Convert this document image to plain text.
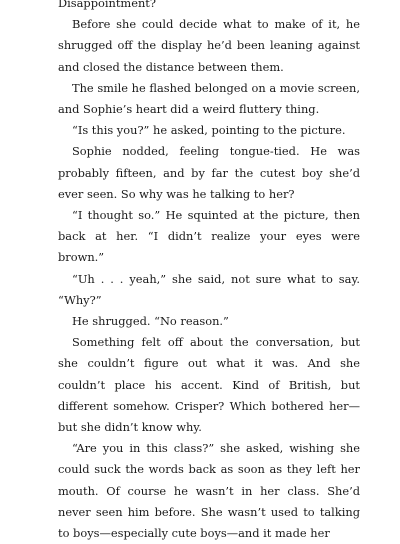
Disappointment?

Before she could decide what to make of it, he shrugged off the display he’d been leaning against and closed the distance between them.

The smile he flashed belonged on a movie screen, and Sophie’s heart did a weird fluttery thing.

“Is this you?” he asked, pointing to the picture.

Sophie nodded, feeling tongue-tied. He was probably fifteen, and by far the cutest boy she’d ever seen. So why was he talking to her?

“I thought so.” He squinted at the picture, then back at her. “I didn’t realize your eyes were brown.”

“Uh . . . yeah,” she said, not sure what to say. “Why?”

He shrugged. “No reason.”

Something felt off about the conversation, but she couldn’t figure out what it was. And she couldn’t place his accent. Kind of British, but different somehow. Crisper? Which bothered her—but she didn’t know why.

“Are you in this class?” she asked, wishing she could suck the words back as soon as they left her mouth. Of course he wasn’t in her class. She’d never seen him before. She wasn’t used to talking to boys—especially cute boys—and it made her
